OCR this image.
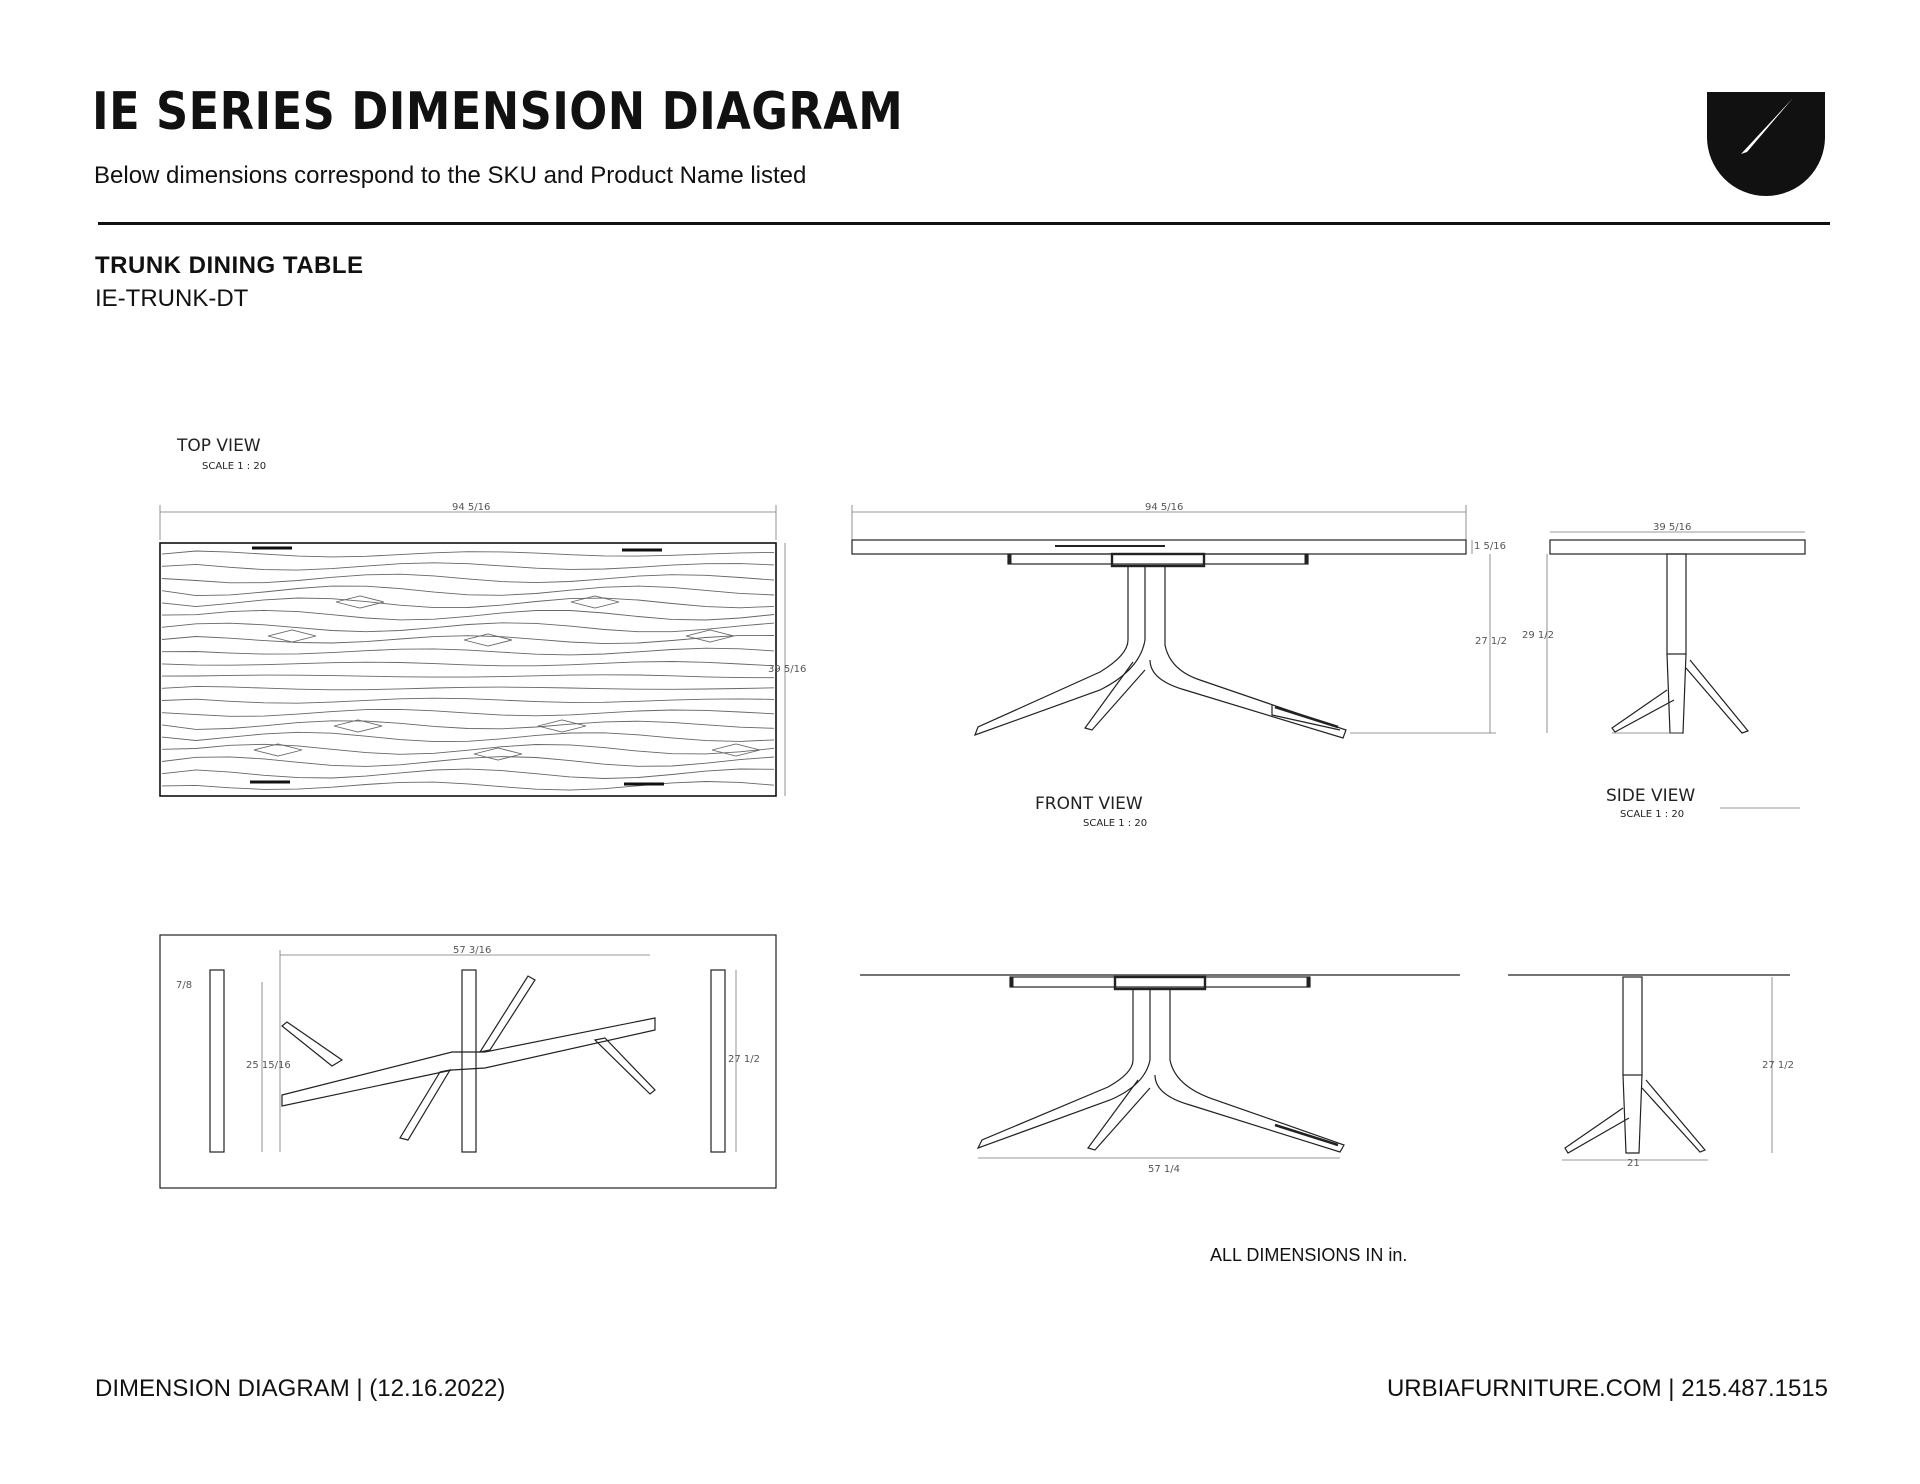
IE SERIES DIMENSION DIAGRAM
Below dimensions correspond to the SKU and Product Name listed
TRUNK DINING TABLE
IE-TRUNK-DT
TOP VIEW
SCALE 1 : 20
FRONT VIEW
SCALE 1 : 20
SIDE VIEW
SCALE 1 : 20
94 5/16
39 5/16
94 5/16
1 5/16
27 1/2
39 5/16
29 1/2
57 3/16
25 15/16
7/8
27 1/2
57 1/4
27 1/2
21
ALL DIMENSIONS IN in.
DIMENSION DIAGRAM | (12.16.2022)	URBIAFURNITURE.COM | 215.487.1515
